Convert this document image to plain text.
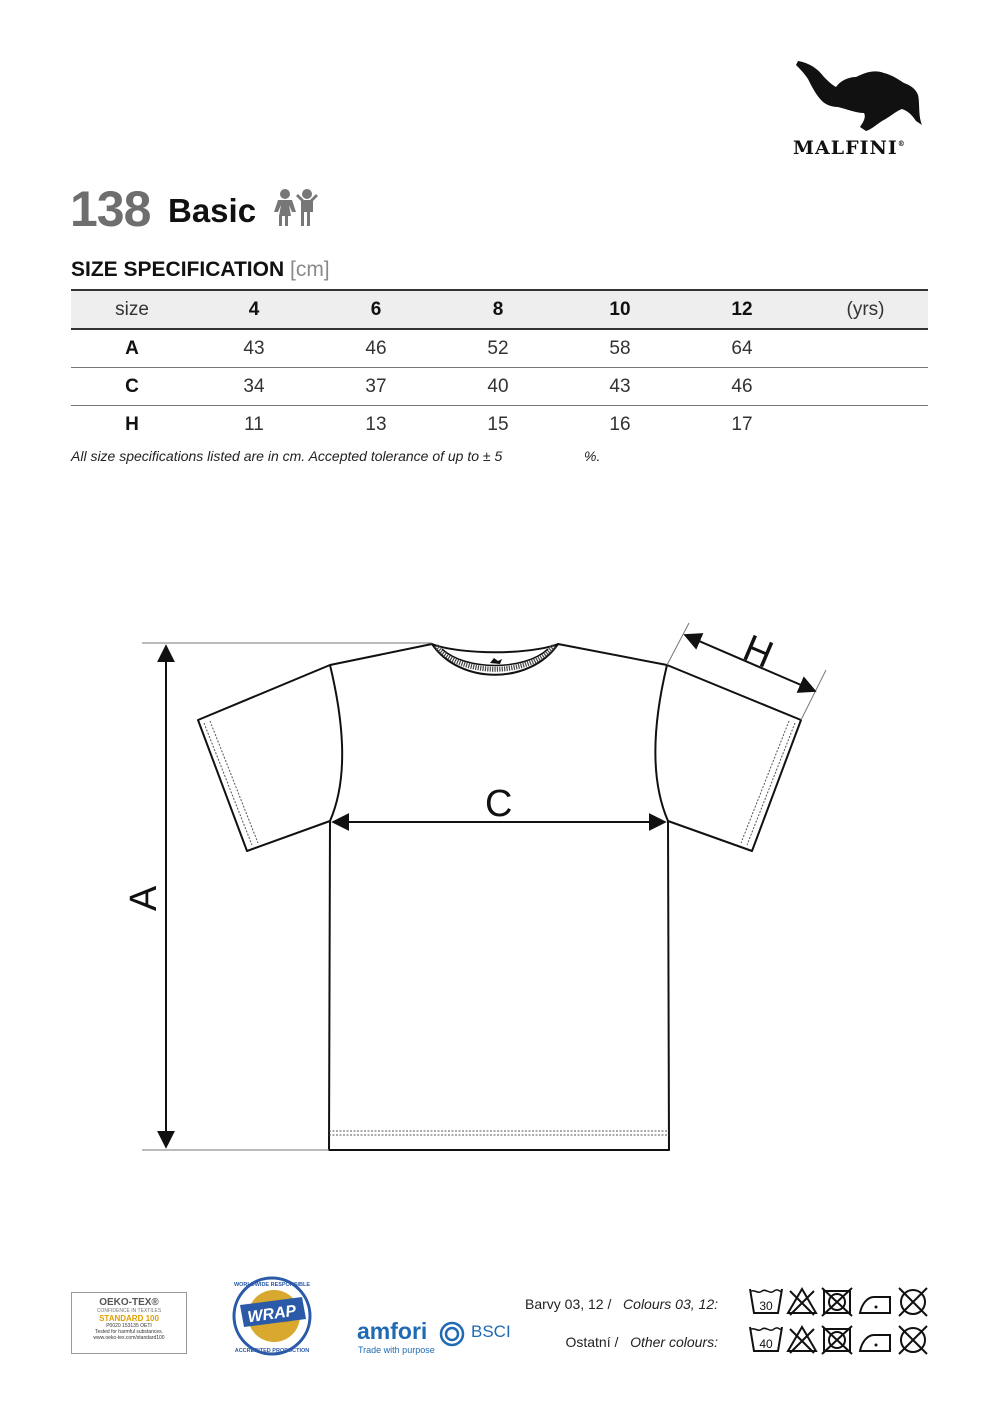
MALFINI®
138 Basic
SIZE SPECIFICATION [cm]
size	4	6	8	10	12	(yrs)
A	43	46	52	58	64	
C	34	37	40	43	46	
H	11	13	15	16	17	
All size specifications listed are in cm. Accepted tolerance of up to ± 5	%.
C
A
H
OEKO-TEX®
CONFIDENCE IN TEXTILES
STANDARD 100
P0020 153135 OETI
Tested for harmful substances.
www.oeko-tex.com/standard100
WRAP
WORLDWIDE RESPONSIBLE
ACCREDITED PRODUCTION
amfori	BSCI
Trade with purpose
Barvy 03, 12 / Colours 03, 12:
Ostatní / Other colours:
30
40
